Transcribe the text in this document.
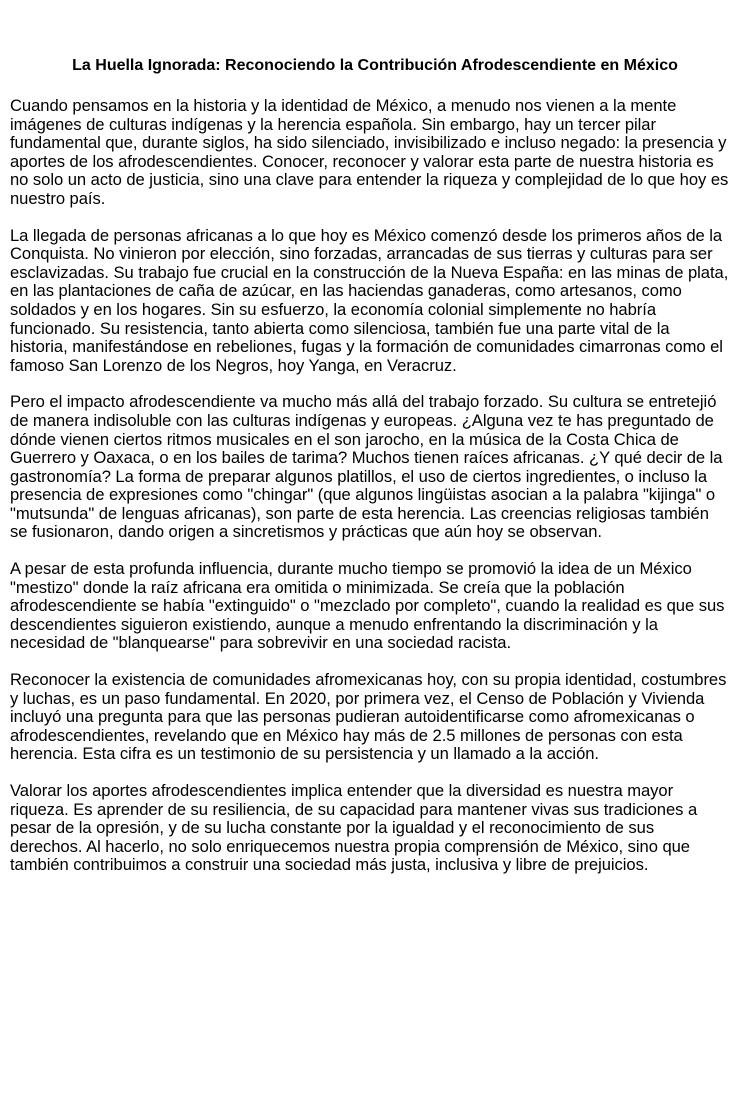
La Huella Ignorada: Reconociendo la Contribución Afrodescendiente en México

Cuando pensamos en la historia y la identidad de México, a menudo nos vienen a la mente imágenes de culturas indígenas y la herencia española. Sin embargo, hay un tercer pilar fundamental que, durante siglos, ha sido silenciado, invisibilizado e incluso negado: la presencia y aportes de los afrodescendientes. Conocer, reconocer y valorar esta parte de nuestra historia es no solo un acto de justicia, sino una clave para entender la riqueza y complejidad de lo que hoy es nuestro país.

La llegada de personas africanas a lo que hoy es México comenzó desde los primeros años de la Conquista. No vinieron por elección, sino forzadas, arrancadas de sus tierras y culturas para ser esclavizadas. Su trabajo fue crucial en la construcción de la Nueva España: en las minas de plata, en las plantaciones de caña de azúcar, en las haciendas ganaderas, como artesanos, como soldados y en los hogares. Sin su esfuerzo, la economía colonial simplemente no habría funcionado. Su resistencia, tanto abierta como silenciosa, también fue una parte vital de la historia, manifestándose en rebeliones, fugas y la formación de comunidades cimarronas como el famoso San Lorenzo de los Negros, hoy Yanga, en Veracruz.

Pero el impacto afrodescendiente va mucho más allá del trabajo forzado. Su cultura se entretejió de manera indisoluble con las culturas indígenas y europeas. ¿Alguna vez te has preguntado de dónde vienen ciertos ritmos musicales en el son jarocho, en la música de la Costa Chica de Guerrero y Oaxaca, o en los bailes de tarima? Muchos tienen raíces africanas. ¿Y qué decir de la gastronomía? La forma de preparar algunos platillos, el uso de ciertos ingredientes, o incluso la presencia de expresiones como "chingar" (que algunos lingüistas asocian a la palabra "kijinga" o "mutsunda" de lenguas africanas), son parte de esta herencia. Las creencias religiosas también se fusionaron, dando origen a sincretismos y prácticas que aún hoy se observan.

A pesar de esta profunda influencia, durante mucho tiempo se promovió la idea de un México "mestizo" donde la raíz africana era omitida o minimizada. Se creía que la población afrodescendiente se había "extinguido" o "mezclado por completo", cuando la realidad es que sus descendientes siguieron existiendo, aunque a menudo enfrentando la discriminación y la necesidad de "blanquearse" para sobrevivir en una sociedad racista.

Reconocer la existencia de comunidades afromexicanas hoy, con su propia identidad, costumbres y luchas, es un paso fundamental. En 2020, por primera vez, el Censo de Población y Vivienda incluyó una pregunta para que las personas pudieran autoidentificarse como afromexicanas o afrodescendientes, revelando que en México hay más de 2.5 millones de personas con esta herencia. Esta cifra es un testimonio de su persistencia y un llamado a la acción.

Valorar los aportes afrodescendientes implica entender que la diversidad es nuestra mayor riqueza. Es aprender de su resiliencia, de su capacidad para mantener vivas sus tradiciones a pesar de la opresión, y de su lucha constante por la igualdad y el reconocimiento de sus derechos. Al hacerlo, no solo enriquecemos nuestra propia comprensión de México, sino que también contribuimos a construir una sociedad más justa, inclusiva y libre de prejuicios.
